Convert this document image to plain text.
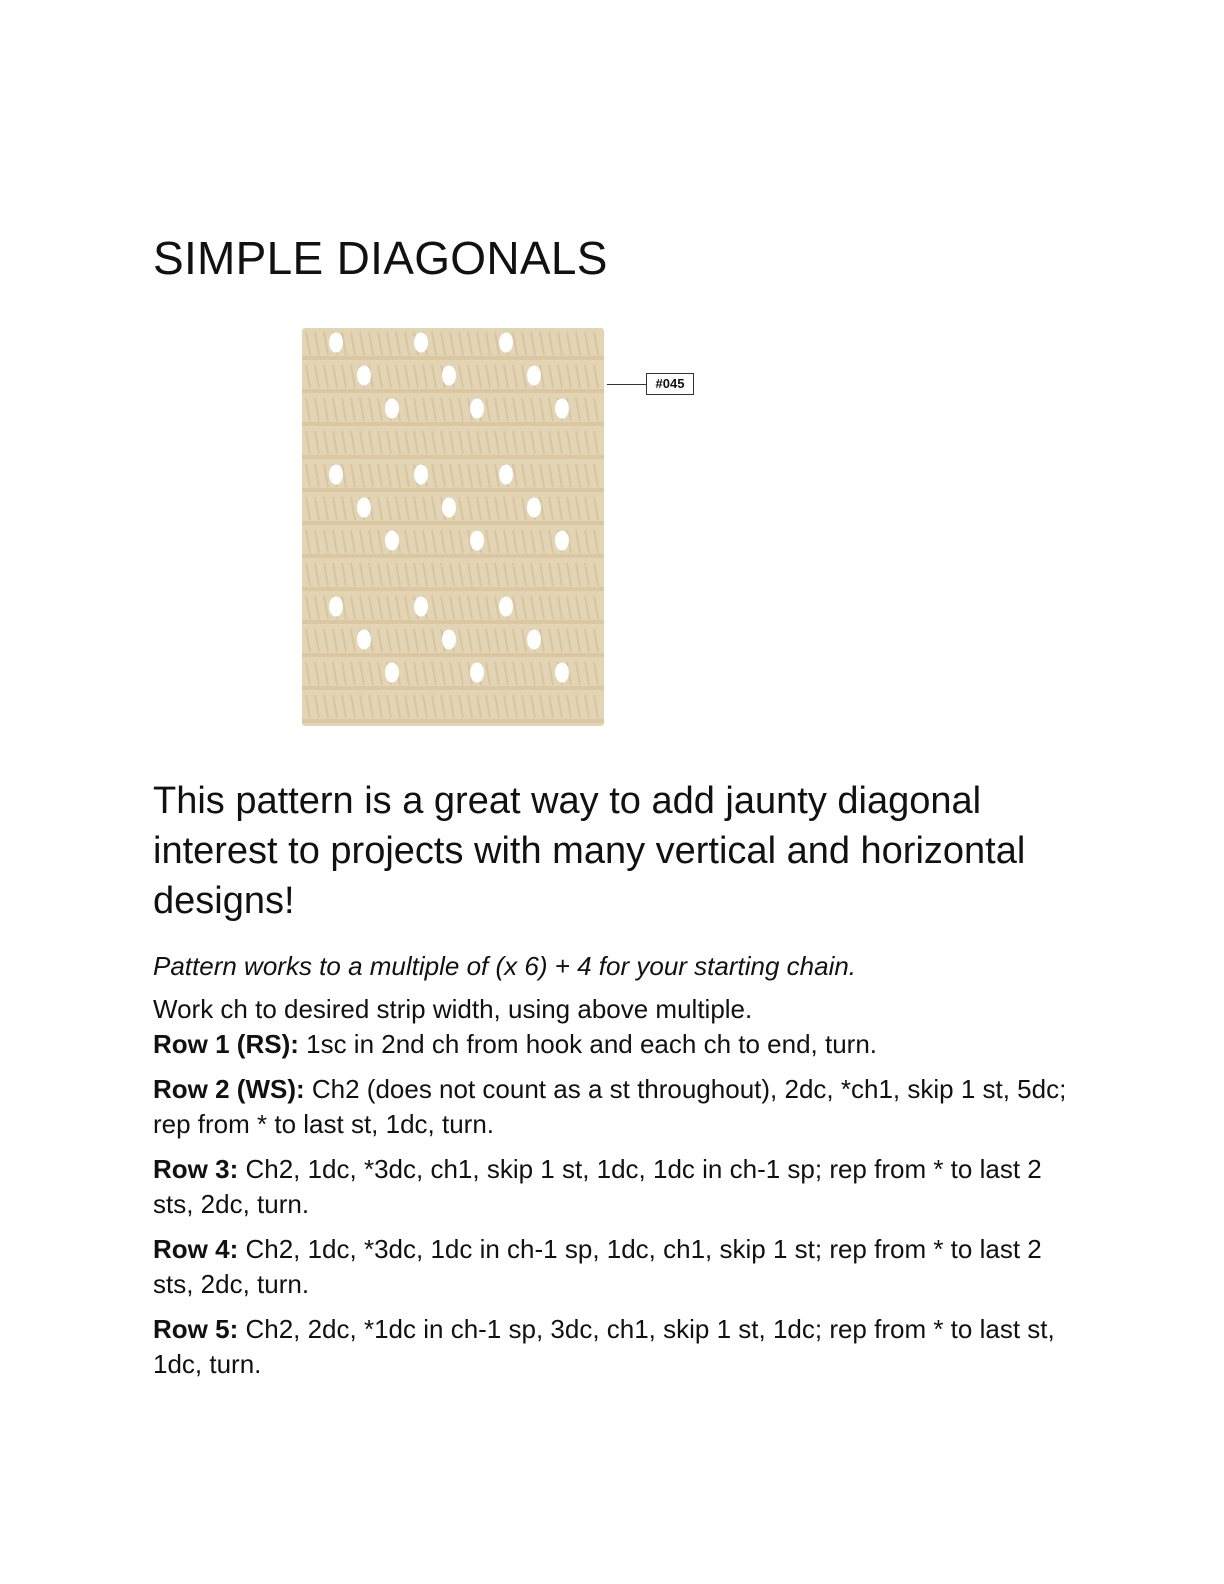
SIMPLE DIAGONALS
#045

This pattern is a great way to add jaunty diagonal interest to projects with many vertical and horizontal designs!

Pattern works to a multiple of (x 6) + 4 for your starting chain.

Work ch to desired strip width, using above multiple.

Row 1 (RS): 1sc in 2nd ch from hook and each ch to end, turn.

Row 2 (WS): Ch2 (does not count as a st throughout), 2dc, *ch1, skip 1 st, 5dc; rep from * to last st, 1dc, turn.

Row 3: Ch2, 1dc, *3dc, ch1, skip 1 st, 1dc, 1dc in ch-1 sp; rep from * to last 2 sts, 2dc, turn.

Row 4: Ch2, 1dc, *3dc, 1dc in ch-1 sp, 1dc, ch1, skip 1 st; rep from * to last 2 sts, 2dc, turn.

Row 5: Ch2, 2dc, *1dc in ch-1 sp, 3dc, ch1, skip 1 st, 1dc; rep from * to last st, 1dc, turn.
